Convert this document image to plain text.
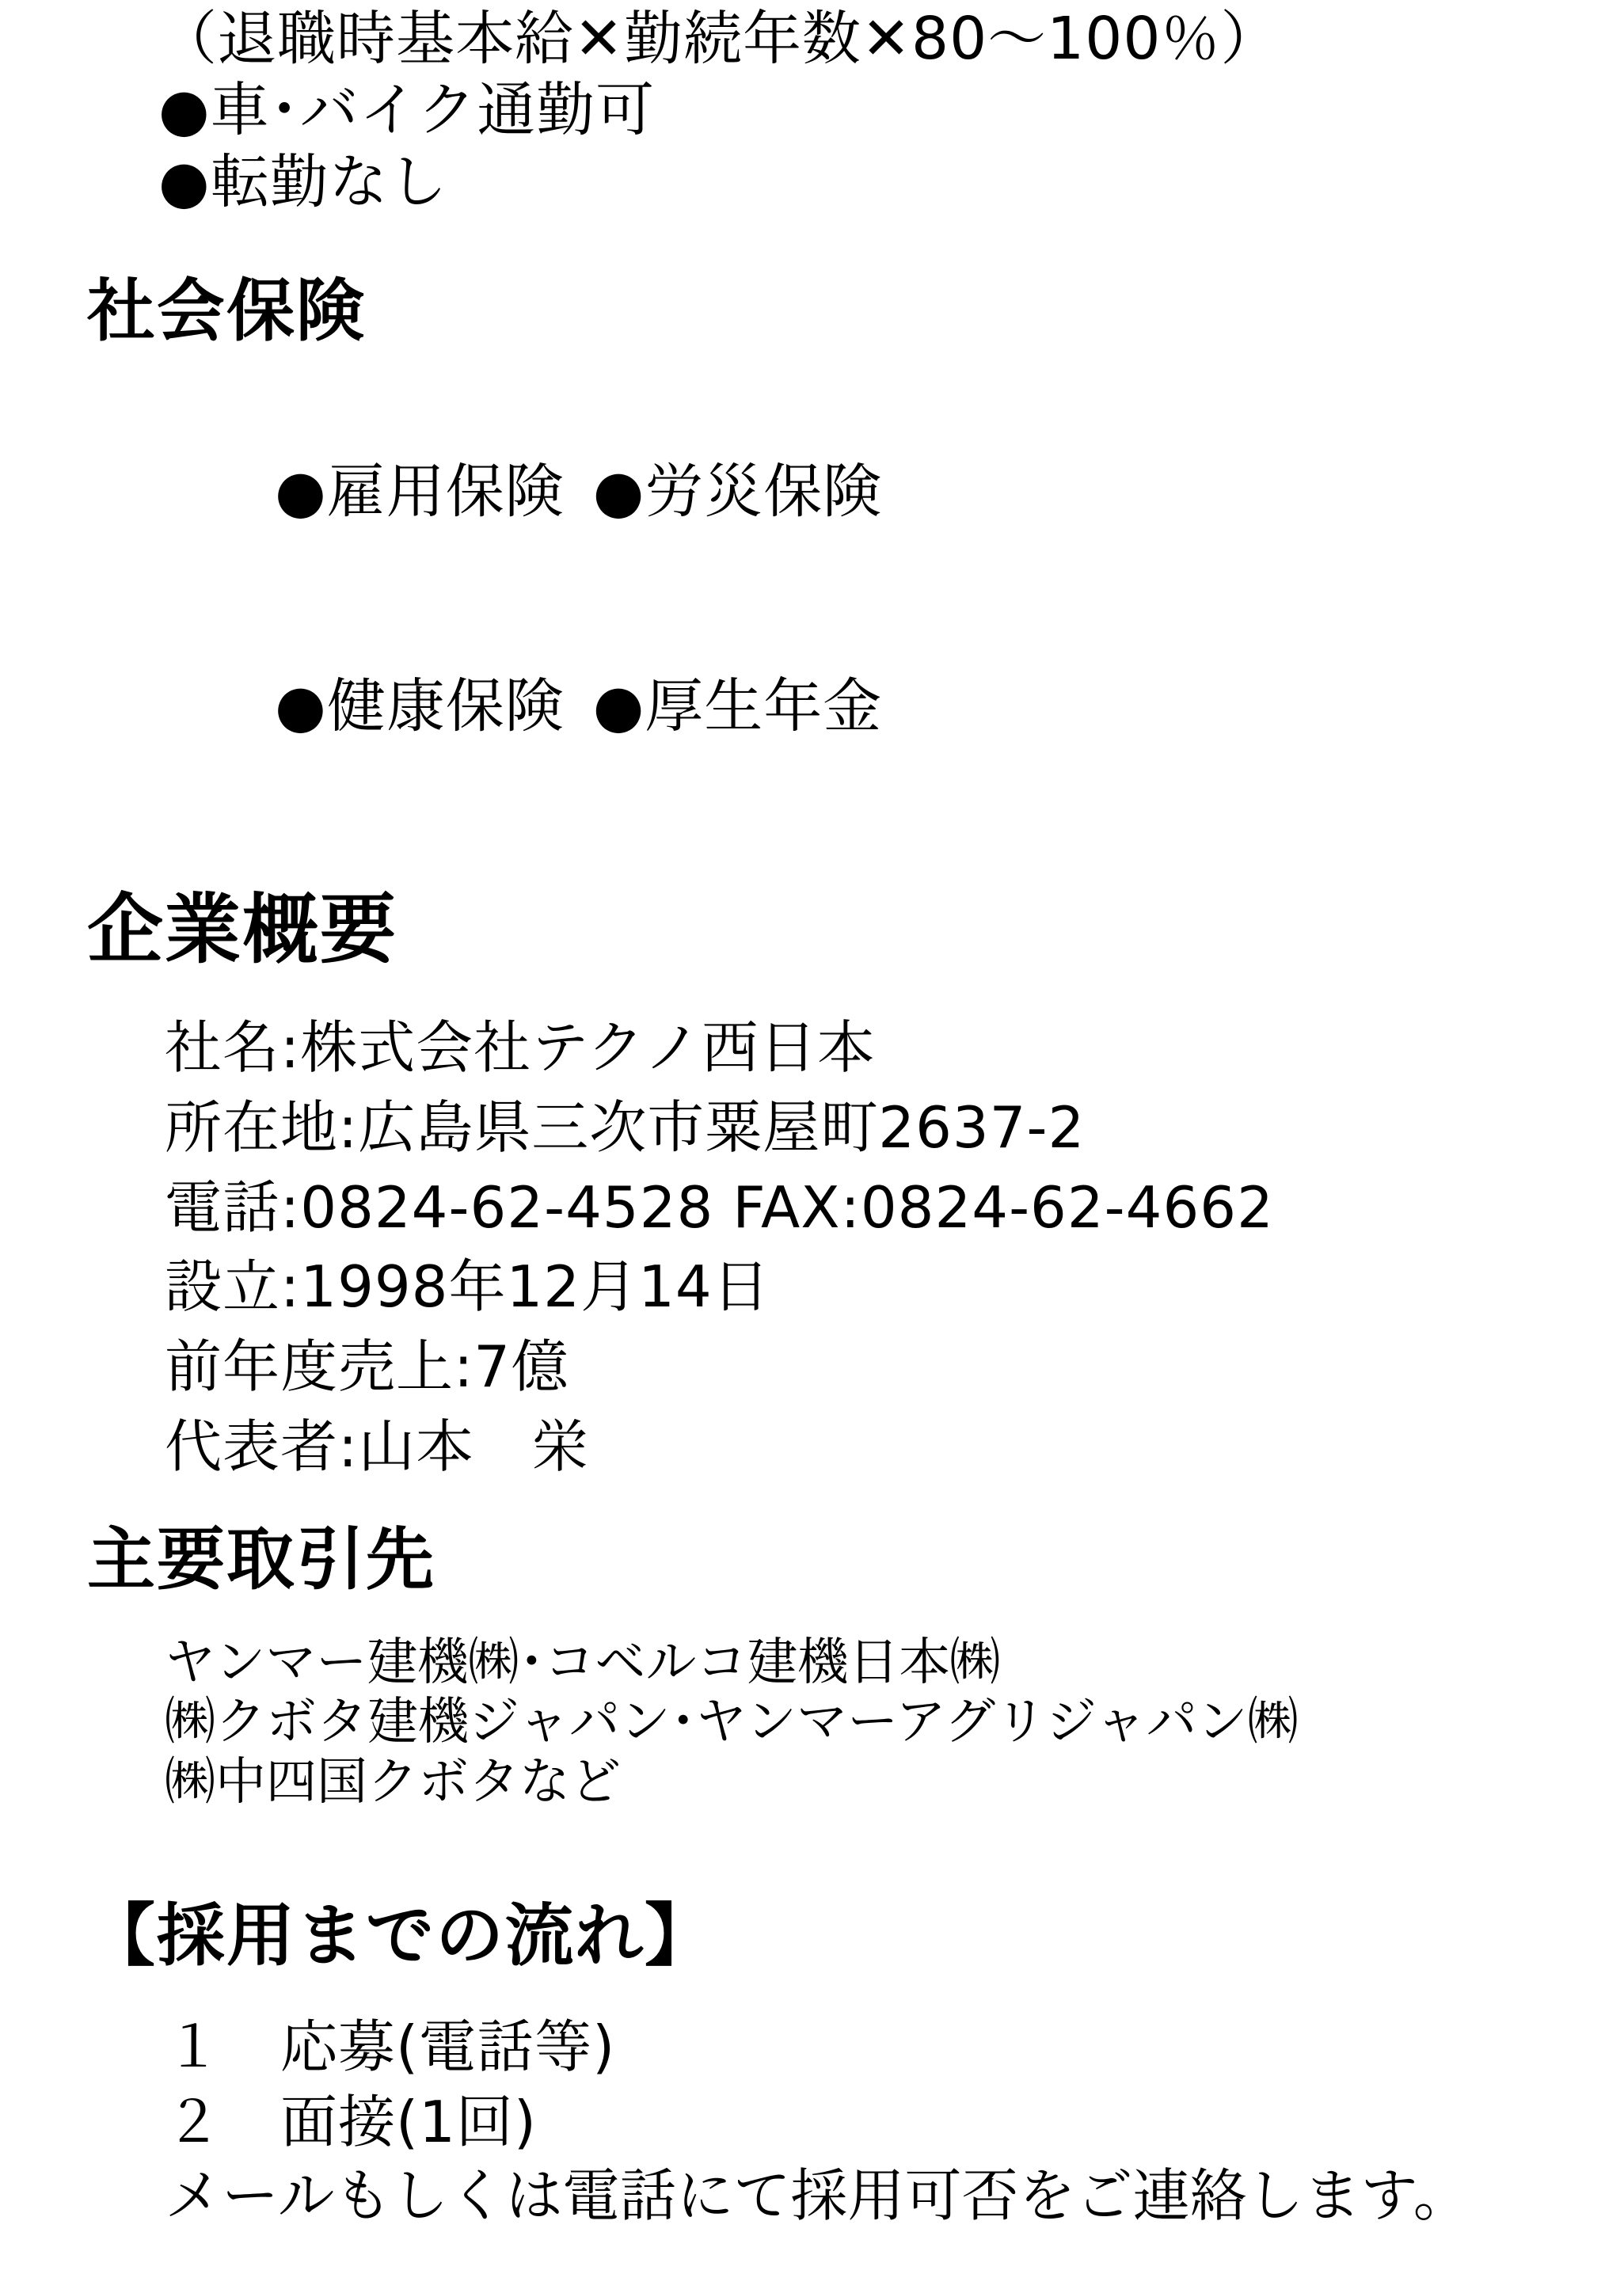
（退職時基本給✕勤続年数✕80〜100％）
●車･バイク通勤可
●転勤なし
社会保険

●雇用保険 ●労災保険

●健康保険 ●厚生年金

企業概要
社名:株式会社テクノ西日本
所在地:広島県三次市粟屋町2637-2
電話:0824-62-4528 FAX:0824-62-4662
設立:1998年12月14日
前年度売上:7億
代表者:山本　栄
主要取引先
ヤンマー建機㈱･コベルコ建機日本㈱
㈱クボタ建機ジャパン･ヤンマーアグリジャパン㈱
㈱中四国クボタなど
【採用までの流れ】
１　応募(電話等)
２　面接(1回)
メールもしくは電話にて採用可否をご連絡します。
